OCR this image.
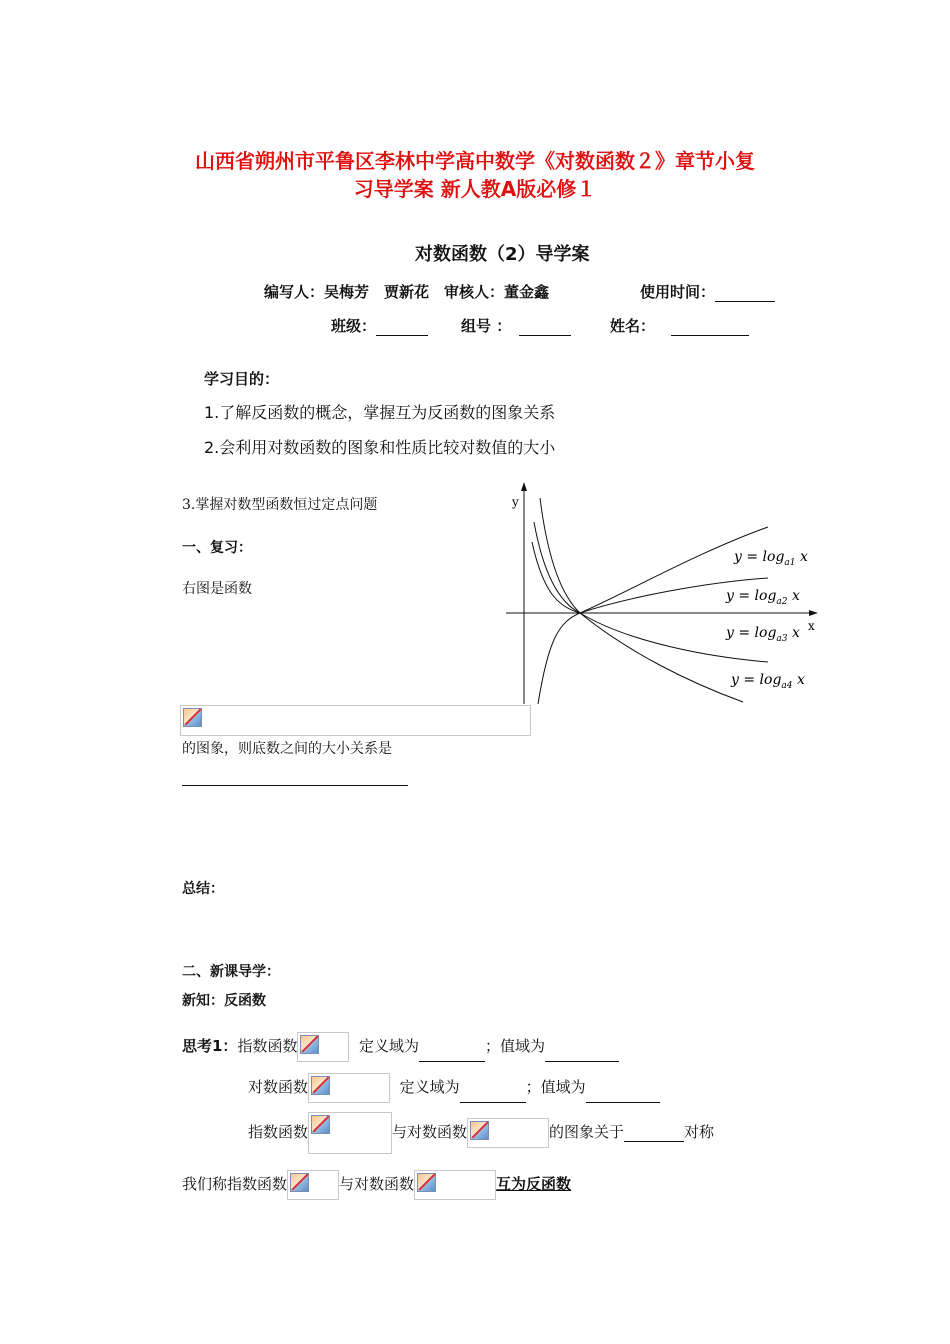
山西省朔州市平鲁区李林中学高中数学《对数函数２》章节小复
习导学案 新人教A版必修１
对数函数（2）导学案
编写人：吴梅芳　贾新花　审核人：董金鑫	使用时间：
班级：	组号 ：	姓名：
学习目的：
1.了解反函数的概念，掌握互为反函数的图象关系
2.会利用对数函数的图象和性质比较对数值的大小
3.掌握对数型函数恒过定点问题
一、复习：
右图是函数
y
x
$y = \log_{a1} x$
$y = \log_{a2} x$
$y = \log_{a3} x$
$y = \log_{a4} x$
的图象，则底数之间的大小关系是
总结：
二、新课导学：
新知：反函数
思考1：指数函数	定义域为	；值域为
对数函数	定义域为	；值域为
指数函数	与对数函数	的图象关于	对称
我们称指数函数	与对数函数	互为反函数
